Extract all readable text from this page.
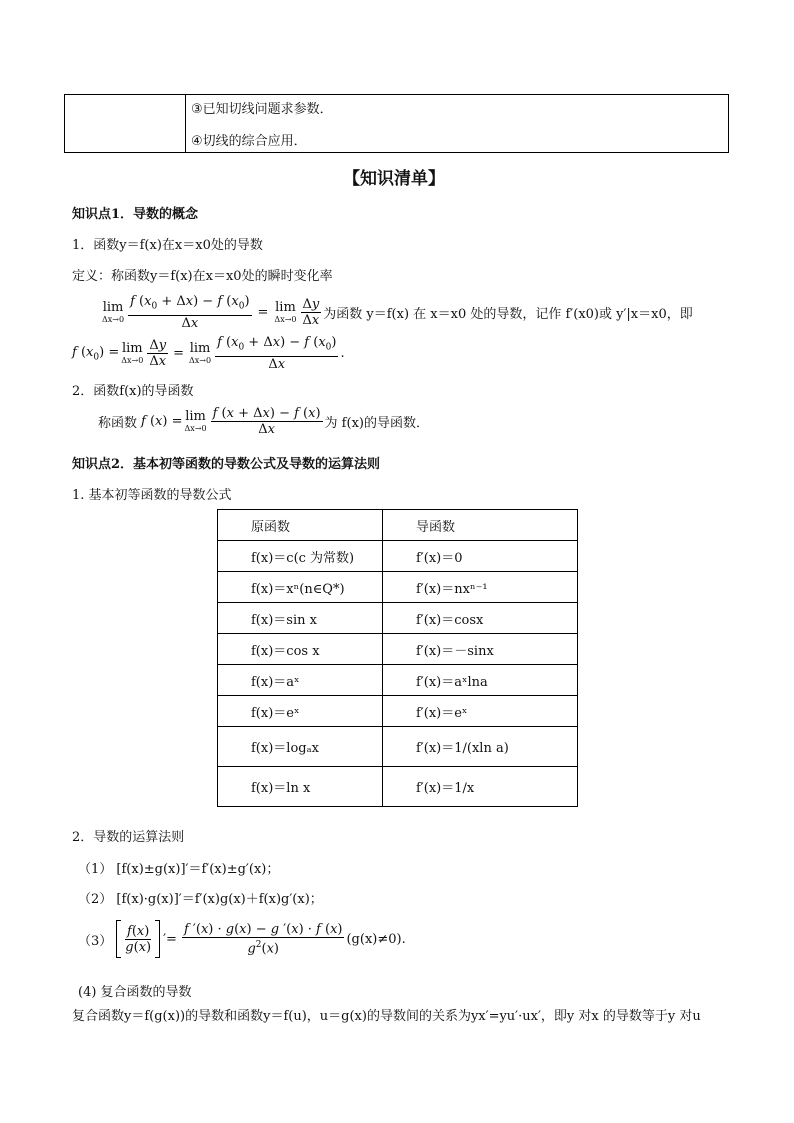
③已知切线问题求参数．
④切线的综合应用．
【知识清单】
知识点1．导数的概念
1．函数y＝f(x)在x＝x0处的导数
定义：称函数y＝f(x)在x＝x0处的瞬时变化率
lim
$\Delta x\to 0 \frac{f (x_0 + \Delta x) - f (x_0)}{\Delta x} = \lim$
$\Delta x\to 0 \frac{\Delta y}{\Delta x}$ 为函数 y＝f(x) 在 x＝x0 处的导数，记作 f′(x0)或 y′|x＝x0，即
f $(x_0) = \lim$
$\Delta x\to 0 \frac{\Delta y}{\Delta x} = \lim$
$\Delta x\to 0 \frac{f (x_0 + \Delta x) - f (x_0)}{\Delta x}$ .
2．函数f(x)的导函数
称函数 f (x) = lim
$\Delta x\to 0 \frac{f (x + \Delta x) - f (x)}{\Delta x}$ 为 f(x)的导函数．
知识点2．基本初等函数的导数公式及导数的运算法则
1. 基本初等函数的导数公式
原函数	导函数
f(x)＝c(c 为常数)	f′(x)＝0
f(x)＝xⁿ(n∈Q*)	f′(x)＝nxⁿ⁻¹
f(x)＝sin x	f′(x)＝cosx
f(x)＝cos x	f′(x)＝－sinx
f(x)＝aˣ	f′(x)＝aˣlna
f(x)＝eˣ	f′(x)＝eˣ
f(x)＝logₐx	f′(x)＝1/(xln a)
f(x)＝ln x	f′(x)＝1/x
2．导数的运算法则
（1） [f(x)±g(x)]′＝f′(x)±g′(x)；
（2） [f(x)·g(x)]′＝f′(x)g(x)＋f(x)g′(x)；
$(3) \frac{f(x)}{g(x)}$ ′= $\frac{f '(x) \cdot g(x) - g '(x) \cdot f (x)}{g^2(x)} (g(x)\ne 0)$.
(4) 复合函数的导数
复合函数y＝f(g(x))的导数和函数y＝f(u)，u＝g(x)的导数间的关系为yx′=yu′·ux′，即y 对x 的导数等于y 对u
